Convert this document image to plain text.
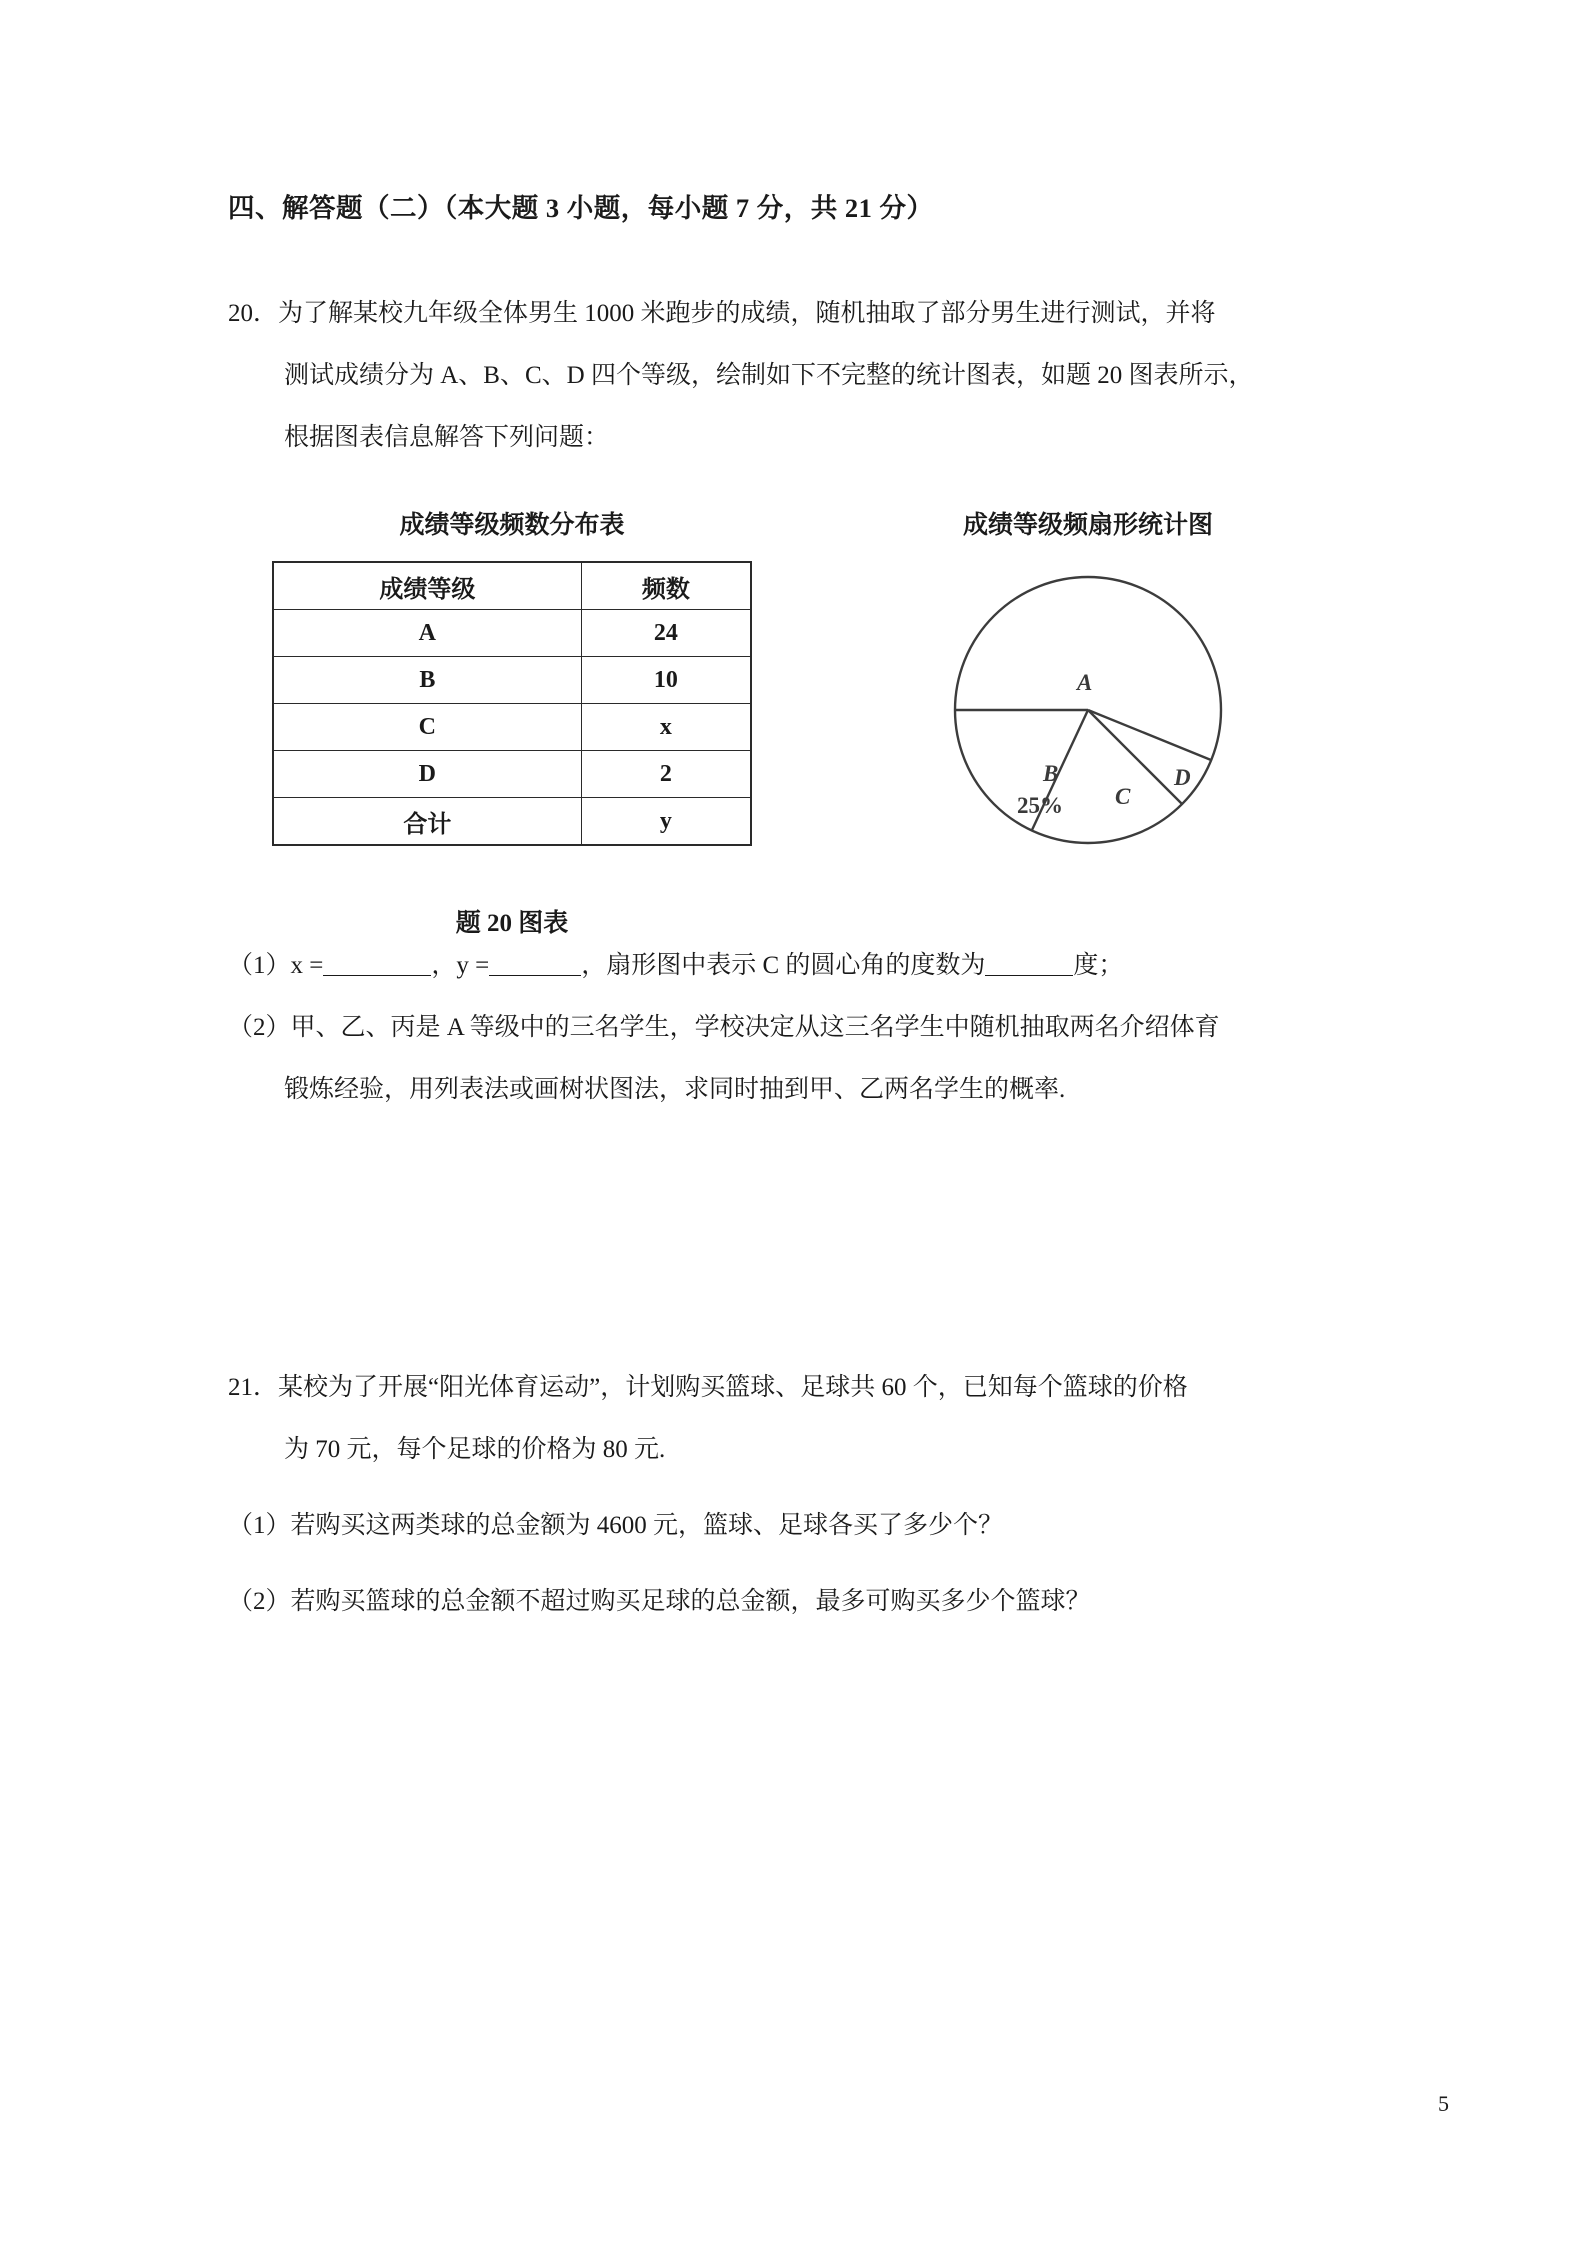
四、解答题（二）（本大题 3 小题，每小题 7 分，共 21 分）
20．为了解某校九年级全体男生 1000 米跑步的成绩，随机抽取了部分男生进行测试，并将
测试成绩分为 A、B、C、D 四个等级，绘制如下不完整的统计图表，如题 20 图表所示，
根据图表信息解答下列问题：
成绩等级频数分布表
成绩等级	频数
A	24
B	10
C	x
D	2
合计	y
题 20 图表
成绩等级频扇形统计图
A
B
25% C
D
（1）x =	，y =	，扇形图中表示 C 的圆心角的度数为	度；
（2）甲、乙、丙是 A 等级中的三名学生，学校决定从这三名学生中随机抽取两名介绍体育
锻炼经验，用列表法或画树状图法，求同时抽到甲、乙两名学生的概率.
21．某校为了开展“阳光体育运动”，计划购买篮球、足球共 60 个，已知每个篮球的价格
为 70 元，每个足球的价格为 80 元.
（1）若购买这两类球的总金额为 4600 元，篮球、足球各买了多少个？
（2）若购买篮球的总金额不超过购买足球的总金额，最多可购买多少个篮球？
5
